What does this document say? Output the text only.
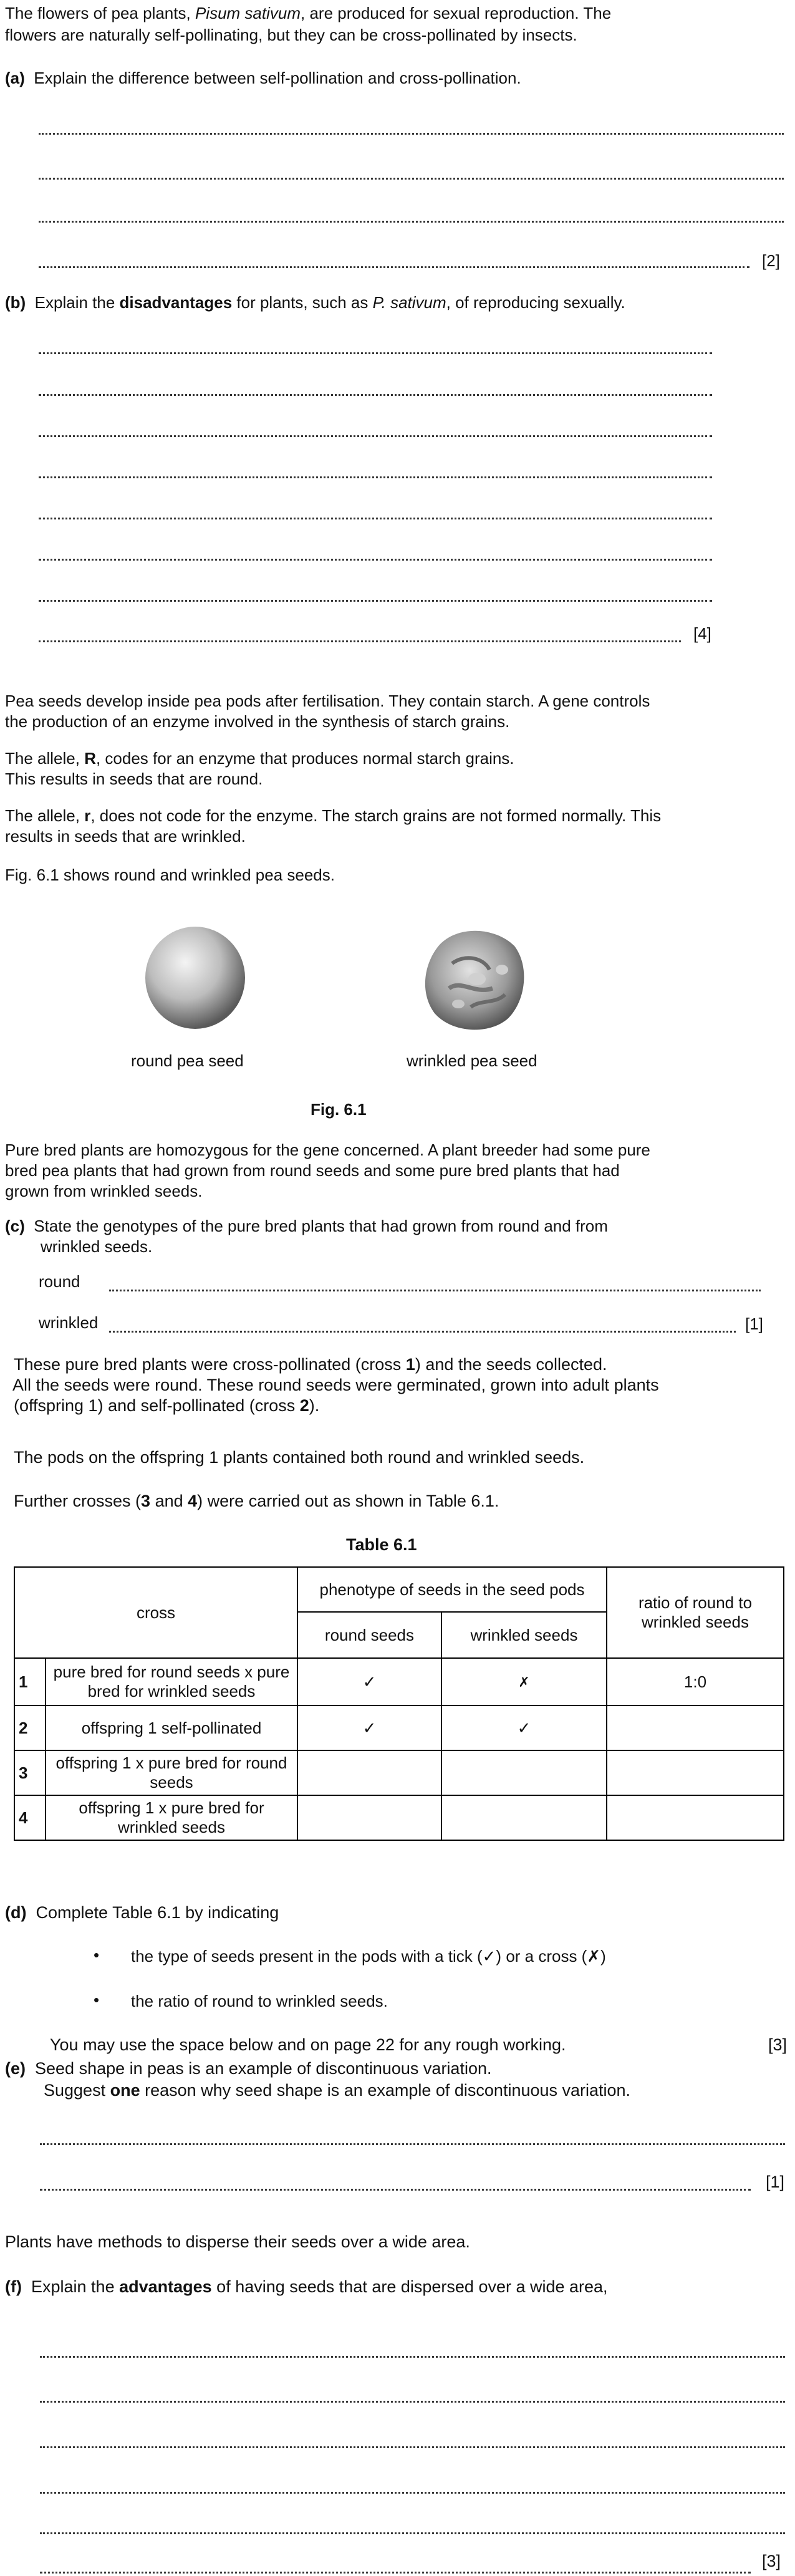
The flowers of pea plants, Pisum sativum, are produced for sexual reproduction. The
flowers are naturally self-pollinating, but they can be cross-pollinated by insects.
(a) Explain the difference between self-pollination and cross-pollination.
[2]
(b) Explain the disadvantages for plants, such as P. sativum, of reproducing sexually.
[4]
Pea seeds develop inside pea pods after fertilisation. They contain starch. A gene controls
the production of an enzyme involved in the synthesis of starch grains.
The allele, R, codes for an enzyme that produces normal starch grains.
This results in seeds that are round.
The allele, r, does not code for the enzyme. The starch grains are not formed normally. This
results in seeds that are wrinkled.
Fig. 6.1 shows round and wrinkled pea seeds.
round pea seed	wrinkled pea seed
Fig. 6.1
Pure bred plants are homozygous for the gene concerned. A plant breeder had some pure
bred pea plants that had grown from round seeds and some pure bred plants that had
grown from wrinkled seeds.
(c) State the genotypes of the pure bred plants that had grown from round and from
wrinkled seeds.
round
wrinkled	[1]
These pure bred plants were cross-pollinated (cross 1) and the seeds collected.
All the seeds were round. These round seeds were germinated, grown into adult plants
(offspring 1) and self-pollinated (cross 2).
The pods on the offspring 1 plants contained both round and wrinkled seeds.
Further crosses (3 and 4) were carried out as shown in Table 6.1.
Table 6.1
cross		phenotype of seeds in the seed pods		ratio of round to wrinkled seeds
		round seeds	wrinkled seeds	
1	pure bred for round seeds x pure bred for wrinkled seeds	✓	✗	1:0
2	offspring 1 self-pollinated	✓	✓	
3	offspring 1 x pure bred for round seeds			
4	offspring 1 x pure bred for wrinkled seeds			
(d) Complete Table 6.1 by indicating
• the type of seeds present in the pods with a tick (✓) or a cross (✗)
• the ratio of round to wrinkled seeds.
You may use the space below and on page 22 for any rough working.	[3]
(e) Seed shape in peas is an example of discontinuous variation.
Suggest one reason why seed shape is an example of discontinuous variation.
[1]
Plants have methods to disperse their seeds over a wide area.
(f) Explain the advantages of having seeds that are dispersed over a wide area,
[3]
